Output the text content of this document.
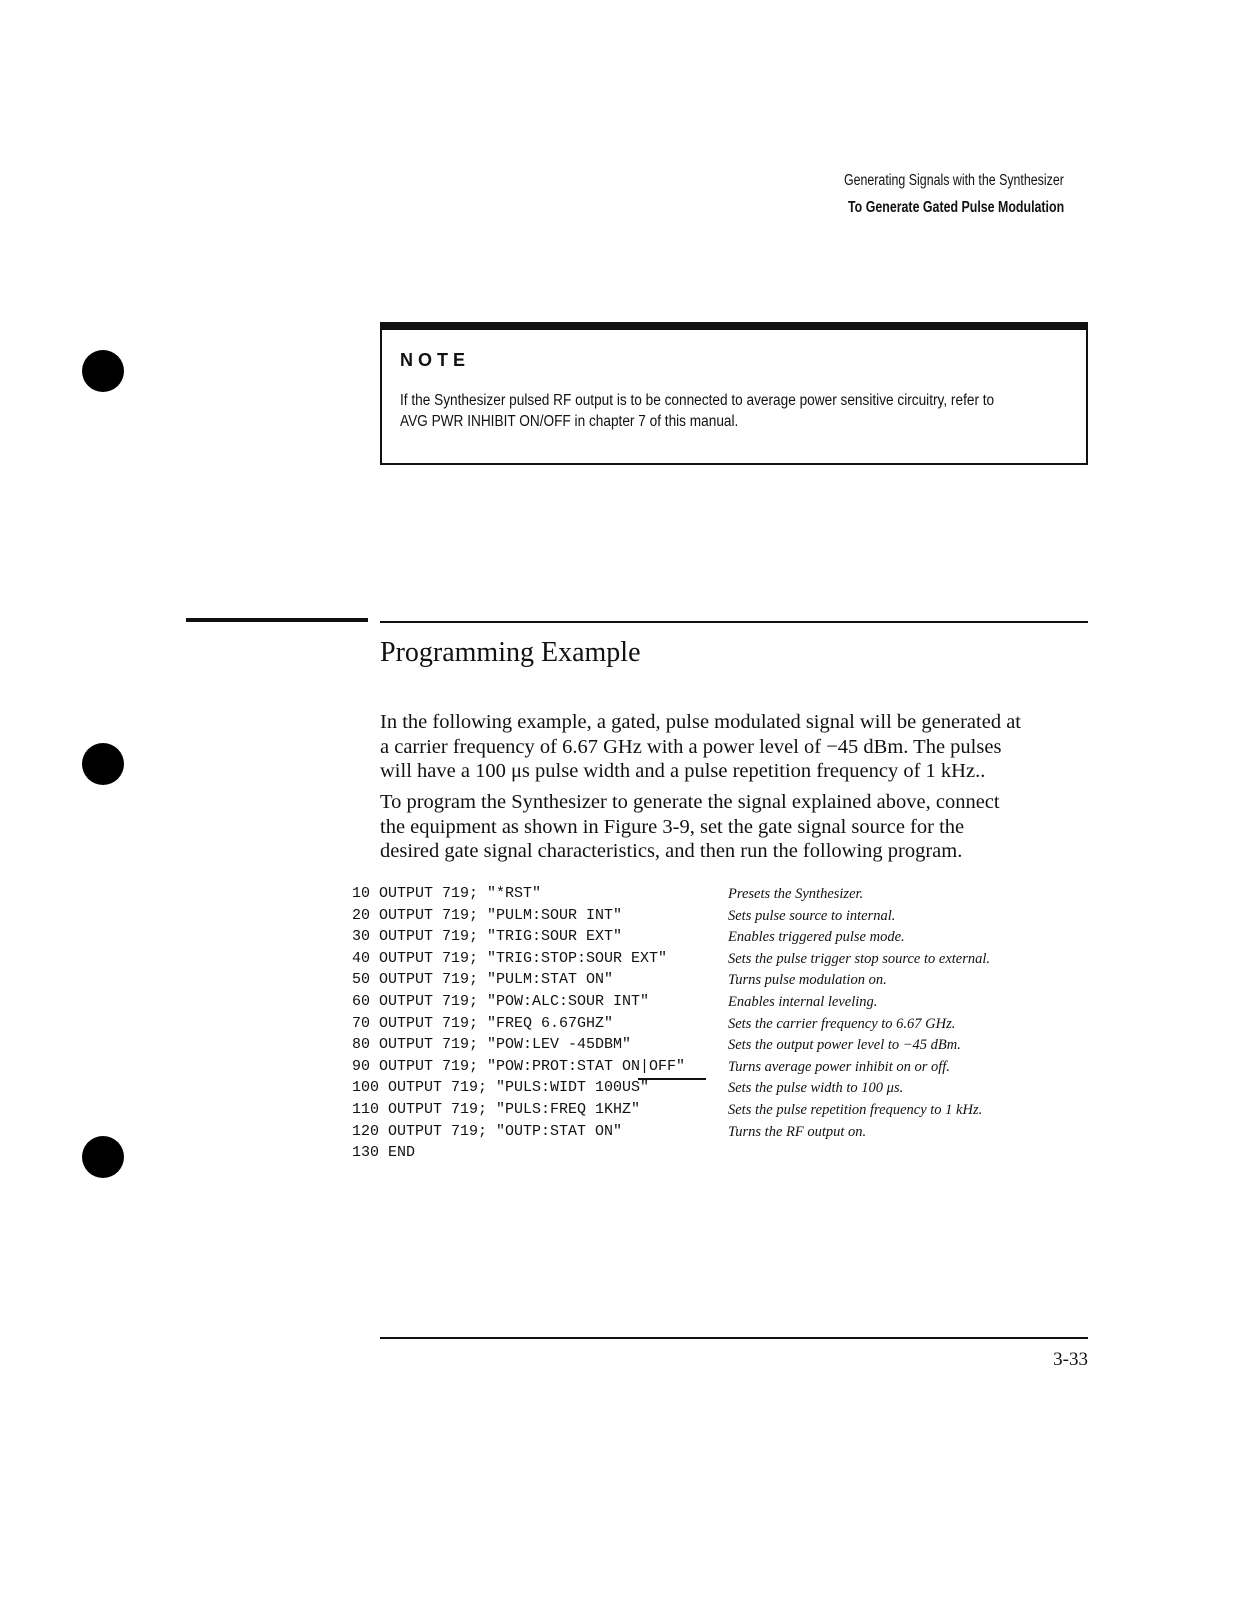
Generating Signals with the Synthesizer
To Generate Gated Pulse Modulation
NOTE
If the Synthesizer pulsed RF output is to be connected to average power sensitive circuitry, refer to
AVG PWR INHIBIT ON/OFF in chapter 7 of this manual.
Programming Example
In the following example, a gated, pulse modulated signal will be generated at
a carrier frequency of 6.67 GHz with a power level of −45 dBm. The pulses
will have a 100 μs pulse width and a pulse repetition frequency of 1 kHz..
To program the Synthesizer to generate the signal explained above, connect
the equipment as shown in Figure 3-9, set the gate signal source for the
desired gate signal characteristics, and then run the following program.
10 OUTPUT 719; "*RST"	Presets the Synthesizer.
20 OUTPUT 719; "PULM:SOUR INT"	Sets pulse source to internal.
30 OUTPUT 719; "TRIG:SOUR EXT"	Enables triggered pulse mode.
40 OUTPUT 719; "TRIG:STOP:SOUR EXT"	Sets the pulse trigger stop source to external.
50 OUTPUT 719; "PULM:STAT ON"	Turns pulse modulation on.
60 OUTPUT 719; "POW:ALC:SOUR INT"	Enables internal leveling.
70 OUTPUT 719; "FREQ 6.67GHZ"	Sets the carrier frequency to 6.67 GHz.
80 OUTPUT 719; "POW:LEV -45DBM"	Sets the output power level to −45 dBm.
90 OUTPUT 719; "POW:PROT:STAT ON|OFF"	Turns average power inhibit on or off.
100 OUTPUT 719; "PULS:WIDT 100US"	Sets the pulse width to 100 μs.
110 OUTPUT 719; "PULS:FREQ 1KHZ"	Sets the pulse repetition frequency to 1 kHz.
120 OUTPUT 719; "OUTP:STAT ON"	Turns the RF output on.
130 END
3-33
